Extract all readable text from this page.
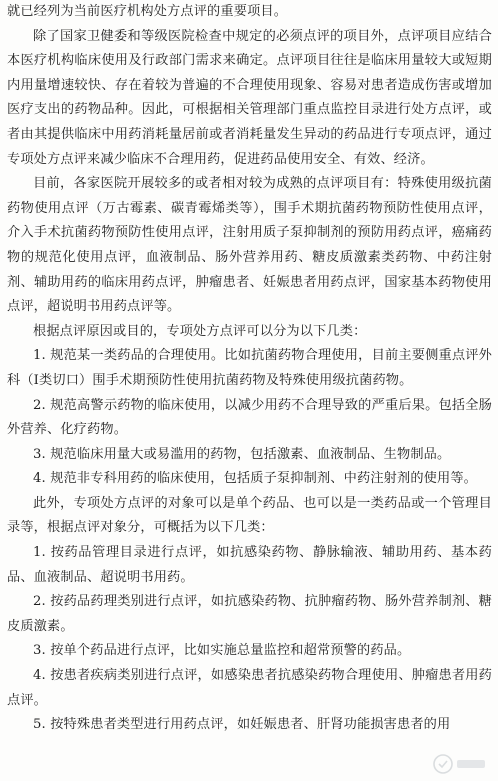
就已经列为当前医疗机构处方点评的重要项目。

除了国家卫健委和等级医院检查中规定的必须点评的项目外，点评项目应结合本医疗机构临床使用及行政部门需求来确定。点评项目往往是临床用量较大或短期内用量增速较快、存在着较为普遍的不合理使用现象、容易对患者造成伤害或增加医疗支出的药物品种。因此，可根据相关管理部门重点监控目录进行处方点评，或者由其提供临床中用药消耗量居前或者消耗量发生异动的药品进行专项点评，通过专项处方点评来减少临床不合理用药，促进药品使用安全、有效、经济。

目前，各家医院开展较多的或者相对较为成熟的点评项目有：特殊使用级抗菌药物使用点评（万古霉素、碳青霉烯类等），围手术期抗菌药物预防性使用点评，介入手术抗菌药物预防性使用点评，注射用质子泵抑制剂的预防用药点评，癌痛药物的规范化使用点评，血液制品、肠外营养用药、糖皮质激素类药物、中药注射剂、辅助用药的临床用药点评，肿瘤患者、妊娠患者用药点评，国家基本药物使用点评，超说明书用药点评等。

根据点评原因或目的，专项处方点评可以分为以下几类：

1. 规范某一类药品的合理使用。比如抗菌药物合理使用，目前主要侧重点评外科（Ⅰ类切口）围手术期预防性使用抗菌药物及特殊使用级抗菌药物。

2. 规范高警示药物的临床使用，以减少用药不合理导致的严重后果。包括全肠外营养、化疗药物。

3. 规范临床用量大或易滥用的药物，包括激素、血液制品、生物制品。

4. 规范非专科用药的临床使用，包括质子泵抑制剂、中药注射剂的使用等。

此外，专项处方点评的对象可以是单个药品、也可以是一类药品或一个管理目录等，根据点评对象分，可概括为以下几类：

1. 按药品管理目录进行点评，如抗感染药物、静脉输液、辅助用药、基本药品、血液制品、超说明书用药。

2. 按药品药理类别进行点评，如抗感染药物、抗肿瘤药物、肠外营养制剂、糖皮质激素。

3. 按单个药品进行点评，比如实施总量监控和超常预警的药品。

4. 按患者疾病类别进行点评，如感染患者抗感染药物合理使用、肿瘤患者用药点评。

5. 按特殊患者类型进行用药点评，如妊娠患者、肝肾功能损害患者的用
